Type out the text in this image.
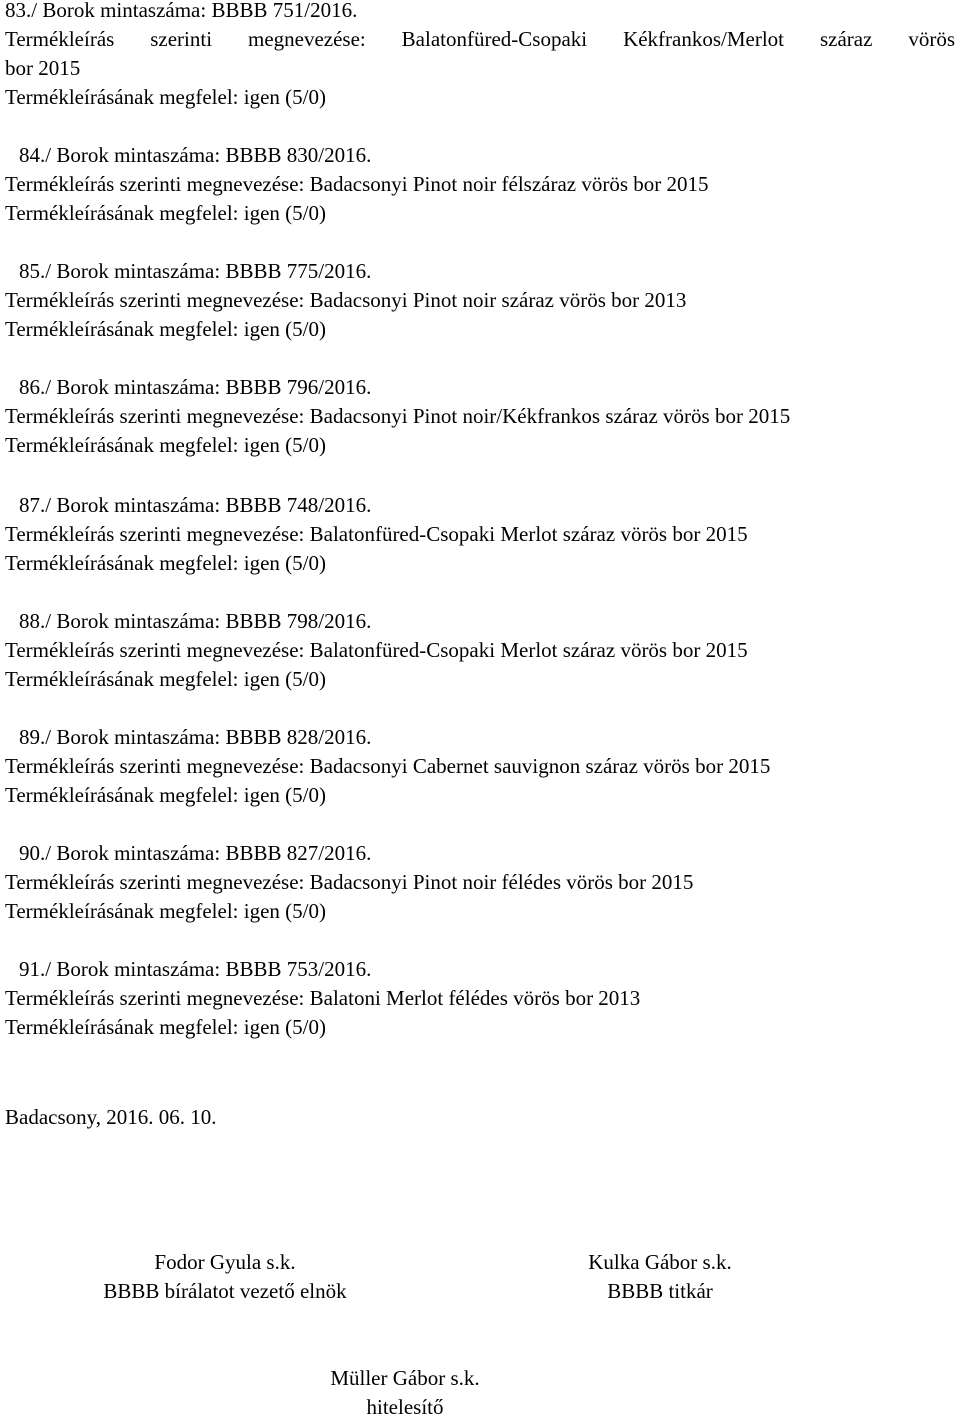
83./ Borok mintaszáma: BBBB 751/2016.
Termékleírás szerinti megnevezése: Balatonfüred-Csopaki Kékfrankos/Merlot száraz vörös
bor 2015
Termékleírásának megfelel: igen (5/0)
84./ Borok mintaszáma: BBBB 830/2016.
Termékleírás szerinti megnevezése: Badacsonyi Pinot noir félszáraz vörös bor 2015
Termékleírásának megfelel: igen (5/0)
85./ Borok mintaszáma: BBBB 775/2016.
Termékleírás szerinti megnevezése: Badacsonyi Pinot noir száraz vörös bor 2013
Termékleírásának megfelel: igen (5/0)
86./ Borok mintaszáma: BBBB 796/2016.
Termékleírás szerinti megnevezése: Badacsonyi Pinot noir/Kékfrankos száraz vörös bor 2015
Termékleírásának megfelel: igen (5/0)
87./ Borok mintaszáma: BBBB 748/2016.
Termékleírás szerinti megnevezése: Balatonfüred-Csopaki Merlot száraz vörös bor 2015
Termékleírásának megfelel: igen (5/0)
88./ Borok mintaszáma: BBBB 798/2016.
Termékleírás szerinti megnevezése: Balatonfüred-Csopaki Merlot száraz vörös bor 2015
Termékleírásának megfelel: igen (5/0)
89./ Borok mintaszáma: BBBB 828/2016.
Termékleírás szerinti megnevezése: Badacsonyi Cabernet sauvignon száraz vörös bor 2015
Termékleírásának megfelel: igen (5/0)
90./ Borok mintaszáma: BBBB 827/2016.
Termékleírás szerinti megnevezése: Badacsonyi Pinot noir félédes vörös bor 2015
Termékleírásának megfelel: igen (5/0)
91./ Borok mintaszáma: BBBB 753/2016.
Termékleírás szerinti megnevezése: Balatoni Merlot félédes vörös bor 2013
Termékleírásának megfelel: igen (5/0)
Badacsony, 2016. 06. 10.
Fodor Gyula s.k.
BBBB bírálatot vezető elnök
Kulka Gábor s.k.
BBBB titkár
Müller Gábor s.k.
hitelesítő
